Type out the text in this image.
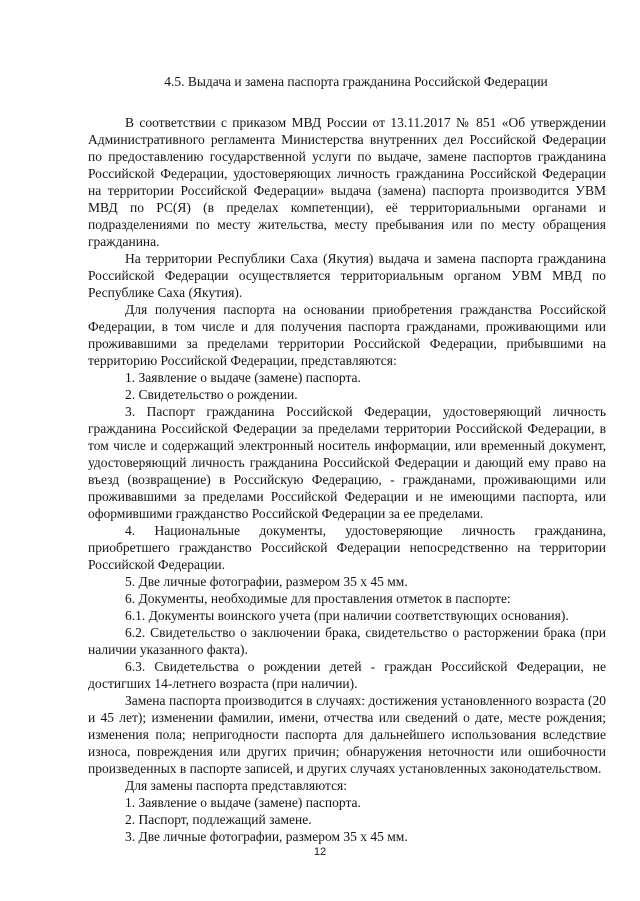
4.5. Выдача и замена паспорта гражданина Российской Федерации

В соответствии с приказом МВД России от 13.11.2017 № 851 «Об утверждении Административного регламента Министерства внутренних дел Российской Федерации по предоставлению государственной услуги по выдаче, замене паспортов гражданина Российской Федерации, удостоверяющих личность гражданина Российской Федерации на территории Российской Федерации» выдача (замена) паспорта производится УВМ МВД по РС(Я) (в пределах компетенции), её территориальными органами и подразделениями по месту жительства, месту пребывания или по месту обращения гражданина.

На территории Республики Саха (Якутия) выдача и замена паспорта гражданина Российской Федерации осуществляется территориальным органом УВМ МВД по Республике Саха (Якутия).

Для получения паспорта на основании приобретения гражданства Российской Федерации, в том числе и для получения паспорта гражданами, проживающими или проживавшими за пределами территории Российской Федерации, прибывшими на территорию Российской Федерации, представляются:

1. Заявление о выдаче (замене) паспорта.

2. Свидетельство о рождении.

3. Паспорт гражданина Российской Федерации, удостоверяющий личность гражданина Российской Федерации за пределами территории Российской Федерации, в том числе и содержащий электронный носитель информации, или временный документ, удостоверяющий личность гражданина Российской Федерации и дающий ему право на въезд (возвращение) в Российскую Федерацию, - гражданами, проживающими или проживавшими за пределами Российской Федерации и не имеющими паспорта, или оформившими гражданство Российской Федерации за ее пределами.

4. Национальные документы, удостоверяющие личность гражданина, приобретшего гражданство Российской Федерации непосредственно на территории Российской Федерации.

5. Две личные фотографии, размером 35 х 45 мм.

6. Документы, необходимые для проставления отметок в паспорте:

6.1. Документы воинского учета (при наличии соответствующих основания).

6.2. Свидетельство о заключении брака, свидетельство о расторжении брака (при наличии указанного факта).

6.3. Свидетельства о рождении детей - граждан Российской Федерации, не достигших 14-летнего возраста (при наличии).

Замена паспорта производится в случаях: достижения установленного возраста (20 и 45 лет); изменении фамилии, имени, отчества или сведений о дате, месте рождения; изменения пола; непригодности паспорта для дальнейшего использования вследствие износа, повреждения или других причин; обнаружения неточности или ошибочности произведенных в паспорте записей, и других случаях установленных законодательством.

Для замены паспорта представляются:

1. Заявление о выдаче (замене) паспорта.

2. Паспорт, подлежащий замене.

3. Две личные фотографии, размером 35 х 45 мм.

12
